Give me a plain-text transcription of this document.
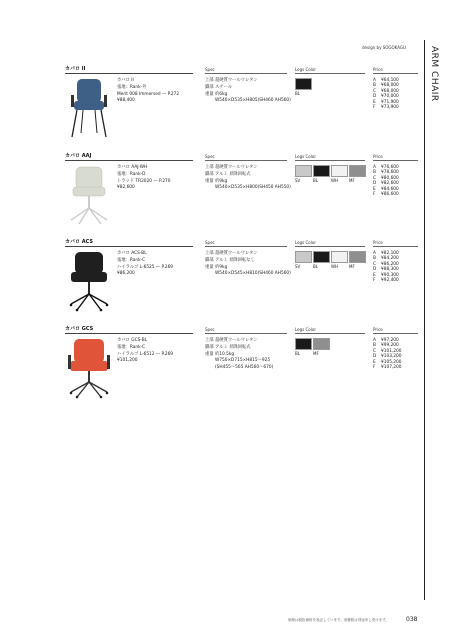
design by SOGOKAGU	ARM CHAIR
カバロ II	Spec	Legs Color	Price
カバロ II
張地：Rank-外
Merit 008 Immersed ― P.272
¥88,400
上部超硬質ウールウレタン
脚部スチール
重量約6kg
W540×D535×H805(SH460 AH560)
BL
A ¥64,100
B ¥68,000
C ¥68,000
D ¥70,000
E ¥71,900
F ¥73,900
カバロ AAJ	Spec	Legs Color	Price
カバロ AAJ-WH
張地：Rank-D
トラッド TR2020 ― P.270
¥82,600
上部超硬質ウールウレタン
脚部アルミ 昇降回転式
重量約9kg
W540×D535×H800(SH450 AH550)
SV	BL	WH	MF
A ¥76,600
B ¥78,600
C ¥80,600
D ¥82,600
E ¥84,600
F ¥86,600
カバロ ACS	Spec	Legs Color	Price
カバロ ACS-BL
張地：Rank-C
ハイラルゴ L-6525 ― P.269
¥86,200
上部超硬質ウールウレタン
脚部アルミ 昇降回転なし
重量約9kg
W540×D545×H810(SH460 AH560)
SV	BL	WH	MF
A ¥82,100
B ¥84,200
C ¥86,200
D ¥88,300
E ¥90,300
F ¥92,400
カバロ GCS	Spec	Legs Color	Price
カバロ GCS-BL
張地：Rank-C
ハイラルゴ L-6512 ― P.269
¥101,200
上部超硬質ウールウレタン
脚部アルミ 昇降回転式
重量約10.5kg
W750×D715×H815〜925
(SH455〜565 AH560〜670)
BL	MF
A ¥97,200
B ¥99,200
C ¥101,200
D ¥103,200
E ¥105,200
F ¥107,200
価格は税抜価格を表記しています。消費税は別途申し受けます。	038
